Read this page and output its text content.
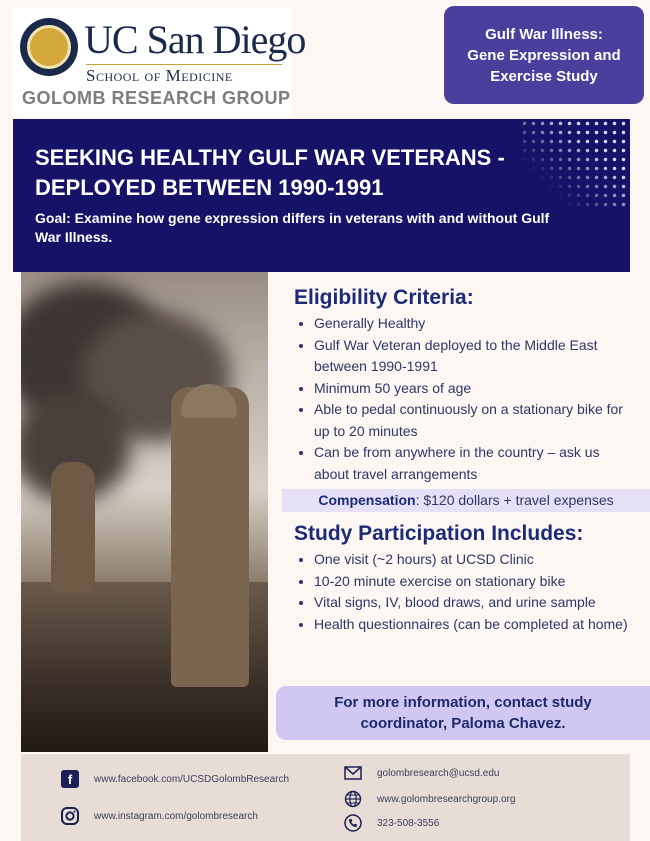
UC San Diego
School of Medicine
GOLOMB RESEARCH GROUP
Gulf War Illness:
Gene Expression and
Exercise Study
SEEKING HEALTHY GULF WAR VETERANS - DEPLOYED BETWEEN 1990-1991
Goal: Examine how gene expression differs in veterans with and without Gulf War Illness.
Eligibility Criteria:
• Generally Healthy
• Gulf War Veteran deployed to the Middle East between 1990-1991
• Minimum 50 years of age
• Able to pedal continuously on a stationary bike for up to 20 minutes
• Can be from anywhere in the country – ask us about travel arrangements
Compensation: $120 dollars + travel expenses
Study Participation Includes:
• One visit (~2 hours) at UCSD Clinic
• 10-20 minute exercise on stationary bike
• Vital signs, IV, blood draws, and urine sample
• Health questionnaires (can be completed at home)
For more information, contact study
coordinator, Paloma Chavez.
f www.facebook.com/UCSDGolombResearch
www.instagram.com/golombresearch
golombresearch@ucsd.edu
www.golombresearchgroup.org
323-508-3556
